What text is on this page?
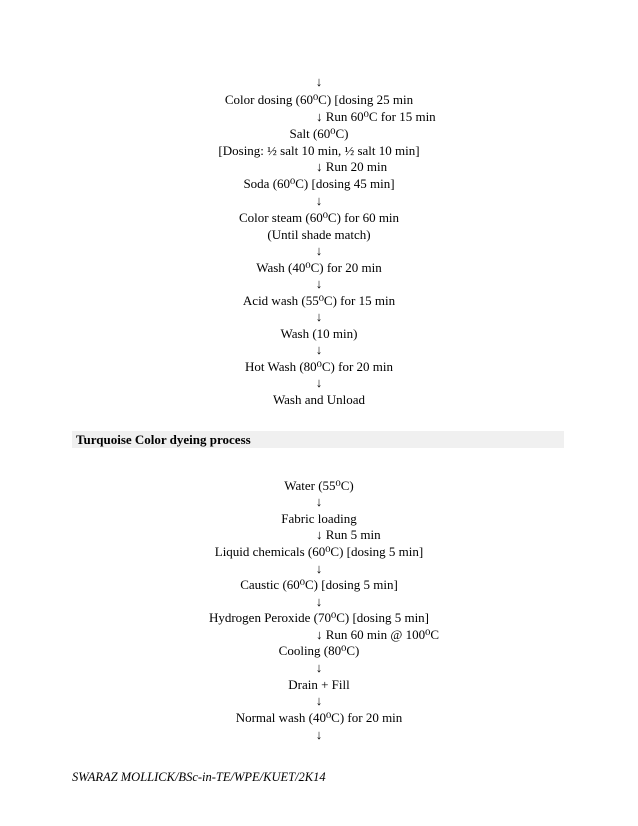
↓
Color dosing (60⁰C) [dosing 25 min
↓ Run 60⁰C for 15 min
Salt (60⁰C)
[Dosing: ½ salt 10 min, ½ salt 10 min]
↓ Run 20 min
Soda (60⁰C) [dosing 45 min]
↓
Color steam (60⁰C) for 60 min
(Until shade match)
↓
Wash (40⁰C) for 20 min
↓
Acid wash (55⁰C) for 15 min
↓
Wash (10 min)
↓
Hot Wash (80⁰C) for 20 min
↓
Wash and Unload
Turquoise Color dyeing process
Water (55⁰C)
↓
Fabric loading
↓ Run 5 min
Liquid chemicals (60⁰C) [dosing 5 min]
↓
Caustic (60⁰C) [dosing 5 min]
↓
Hydrogen Peroxide (70⁰C) [dosing 5 min]
↓ Run 60 min @ 100⁰C
Cooling (80⁰C)
↓
Drain + Fill
↓
Normal wash (40⁰C) for 20 min
↓
SWARAZ MOLLICK/BSc-in-TE/WPE/KUET/2K14
